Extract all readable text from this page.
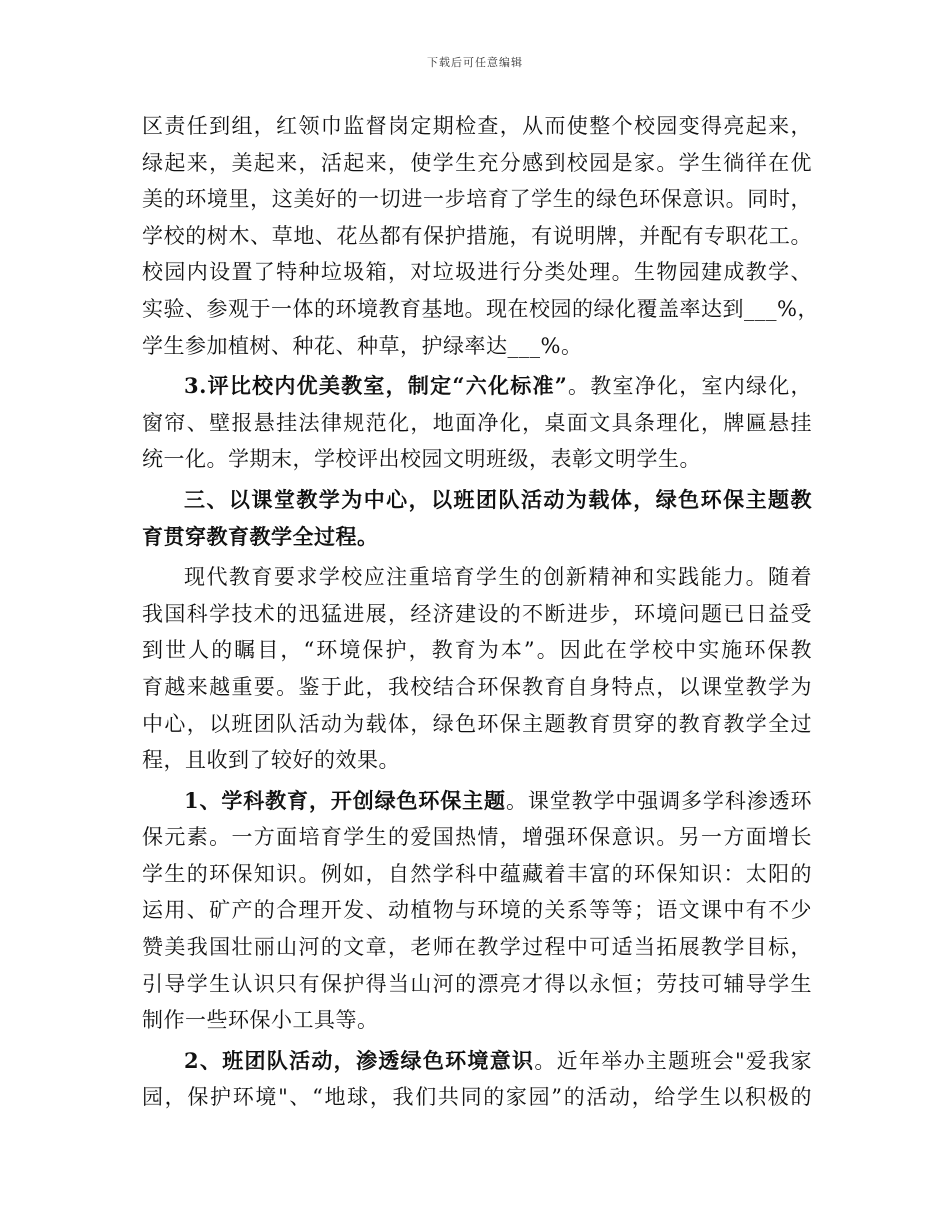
下载后可任意编辑
区责任到组，红领巾监督岗定期检查，从而使整个校园变得亮起来，
绿起来，美起来，活起来，使学生充分感到校园是家。学生徜徉在优
美的环境里，这美好的一切进一步培育了学生的绿色环保意识。同时，
学校的树木、草地、花丛都有保护措施，有说明牌，并配有专职花工。
校园内设置了特种垃圾箱，对垃圾进行分类处理。生物园建成教学、
实验、参观于一体的环境教育基地。现在校园的绿化覆盖率达到___%，
学生参加植树、种花、种草，护绿率达___%。
3.评比校内优美教室，制定“六化标准”。教室净化，室内绿化，
窗帘、壁报悬挂法律规范化，地面净化，桌面文具条理化，牌匾悬挂
统一化。学期末，学校评出校园文明班级，表彰文明学生。
三、以课堂教学为中心，以班团队活动为载体，绿色环保主题教
育贯穿教育教学全过程。
现代教育要求学校应注重培育学生的创新精神和实践能力。随着
我国科学技术的迅猛进展，经济建设的不断进步，环境问题已日益受
到世人的瞩目，“环境保护，教育为本”。因此在学校中实施环保教
育越来越重要。鉴于此，我校结合环保教育自身特点，以课堂教学为
中心，以班团队活动为载体，绿色环保主题教育贯穿的教育教学全过
程，且收到了较好的效果。
1、学科教育，开创绿色环保主题。课堂教学中强调多学科渗透环
保元素。一方面培育学生的爱国热情，增强环保意识。另一方面增长
学生的环保知识。例如，自然学科中蕴藏着丰富的环保知识：太阳的
运用、矿产的合理开发、动植物与环境的关系等等；语文课中有不少
赞美我国壮丽山河的文章，老师在教学过程中可适当拓展教学目标，
引导学生认识只有保护得当山河的漂亮才得以永恒；劳技可辅导学生
制作一些环保小工具等。
2、班团队活动，渗透绿色环境意识。近年举办主题班会"爱我家
园，保护环境"、“地球，我们共同的家园”的活动，给学生以积极的
